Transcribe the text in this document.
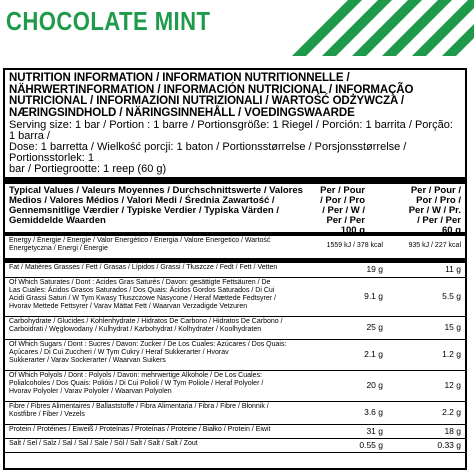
CHOCOLATE MINT
NUTRITION INFORMATION / INFORMATION NUTRITIONNELLE /
NÄHRWERTINFORMATION / INFORMACIÓN NUTRICIONAL / INFORMAÇÃO
NUTRICIONAL / INFORMAZIONI NUTRIZIONALI / WARTOŚĆ ODŻYWCZA /
NÆRINGSINDHOLD / NÄRINGSINNEHÅLL / VOEDINGSWAARDE
Serving size: 1 bar / Portion : 1 barre / Portionsgröße: 1 Riegel / Porción: 1 barrita / Porção: 1 barra /
Dose: 1 barretta / Wielkość porcji: 1 baton / Portionsstørrelse / Porsjonsstørrelse / Portionsstorlek: 1
bar / Portiegrootte: 1 reep (60 g)
Typical Values / Valeurs Moyennes / Durchschnittswerte / Valores
Medios / Valores Médios / Valori Medi / Średnia Zawartość /
Gennemsnitlige Værdier / Typiske Verdier / Typiska Värden /
Gemiddelde Waarden
Per / Pour
/ Por / Pro
/ Per / W /
Per / Per
100 g
Per / Pour / Por / Pro /
Per / W / Pr.
/ Per / Per
60 g
Energy / Énergie / Energie / Valor Energético / Energia / Valore Energetico / Wartość
Energetyczna / Energi / Energie	1559 kJ / 378 kcal	935 kJ / 227 kcal
Fat / Matières Grasses / Fett / Grasas / Lípidos / Grassi / Tłuszcze / Fedt / Fett / Vetten	19 g	11 g
Of Which Saturates / Dont : Acides Gras Saturés / Davon: gesättigte Fettsäuren / De
Las Cuales: Ácidos Grasos Saturados / Dos Quais: Ácidos Gordos Saturados / Di Cui
Acidi Grassi Saturi / W Tym Kwasy Tłuszczowe Nasycone / Heraf Mættede Fedtsyrer /
Hvorav Mettede Fettsyrer / Varav Mättat Fett / Waarvan Verzadigde Vetzuren
9.1 g	5.5 g
Carbohydrate / Glucides / Kohlenhydrate / Hidratos De Carbono / Hidratos De Carbono /
Carboidrati / Węglowodany / Kulhydrat / Karbohydrat / Kolhydrater / Koolhydraten	25 g	15 g
Of Which Sugars / Dont : Sucres / Davon: Zucker / De Los Cuales: Azúcares / Dos Quais:
Açúcares / Di Cui Zuccheri / W Tym Cukry / Heraf Sukkerarter / Hvorav
Sukkerarter / Varav Sockerarter / Waarvan Suikers
2.1 g	1.2 g
Of Which Polyols / Dont : Polyols / Davon: mehrwertige Alkohole / De Los Cuales:
Polialcoholes / Dos Quais: Polióis / Di Cui Polioli / W Tym Poliole / Heraf Polyoler /
Hvorav Polyoler / Varav Polyoler / Waarvan Polyolen
20 g	12 g
Fibre / Fibres Alimentaires / Ballaststoffe / Fibra Alimentaria / Fibra / Fibre / Błonnik /
Kostfibre / Fiber / Vezels	3.6 g	2.2 g
Protein / Protéines / Eiweiß / Proteínas / Proteínas / Proteine / Białko / Protein / Eiwit	31 g	18 g
Salt / Sel / Salz / Sal / Sal / Sale / Sól / Salt / Salt / Salt / Zout	0.55 g	0.33 g
